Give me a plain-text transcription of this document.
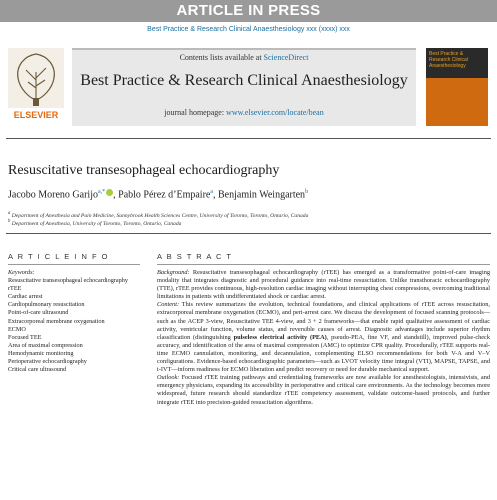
ARTICLE IN PRESS
Best Practice & Research Clinical Anaesthesiology xxx (xxxx) xxx
ELSEVIER
Contents lists available at ScienceDirect
Best Practice & Research Clinical Anaesthesiology
journal homepage: www.elsevier.com/locate/bean
Best Practice & Research Clinical Anaesthesiology
Resuscitative transesophageal echocardiography
Jacobo Moreno Garijo$^{a,*}$ , Pablo Pérez d’Empaire$^a$, Benjamin Weingarten$^b$
$^a$ Department of Anesthesia and Pain Medicine, Sunnybrook Health Sciences Centre, University of Toronto, Toronto, Ontario, Canada
$^b$ Department of Anesthesia, University of Toronto, Toronto, Ontario, Canada
A R T I C L E I N F O	A B S T R A C T
Keywords:
Resuscitative transesophageal echocardiography
rTEE
Cardiac arrest
Cardiopulmonary resuscitation
Point-of-care ultrasound
Extracorporeal membrane oxygenation
ECMO
Focused TEE
Area of maximal compression
Hemodynamic monitoring
Perioperative echocardiography
Critical care ultrasound

Background: Resuscitative transesophageal echocardiography (rTEE) has emerged as a transformative point-of-care imaging modality that integrates diagnostic and procedural guidance into real-time resuscitation. Unlike transthoracic echocardiography (TTE), rTEE provides continuous, high-resolution cardiac imaging without interrupting chest compressions, overcoming traditional limitations in patients with undifferentiated shock or cardiac arrest.

Content: This review summarizes the evolution, technical foundations, and clinical applications of rTEE across resuscitation, extracorporeal membrane oxygenation (ECMO), and peri-arrest care. We discuss the development of focused scanning protocols—such as the ACEP 3-view, Resuscitative TEE 4-view, and 3 + 2 frameworks—that enable rapid qualitative assessment of cardiac activity, ventricular function, volume status, and reversible causes of arrest. Diagnostic advantages include superior rhythm classification (distinguishing pulseless electrical activity (PEA), pseudo-PEA, fine VF, and standstill), improved pulse-check accuracy, and identification of the area of maximal compression (AMC) to optimize CPR quality. Procedurally, rTEE supports real-time ECMO cannulation, monitoring, and decannulation, complementing ELSO recommendations for both V-A and V–V configurations. Evidence-based echocardiographic parameters—such as LVOT velocity time integral (VTI), MAPSE, TAPSE, and t-IVT—inform readiness for ECMO liberation and predict recovery or need for durable mechanical support.

Outlook: Focused rTEE training pathways and credentialing frameworks are now available for anesthesiologists, intensivists, and emergency physicians, expanding its accessibility in perioperative and critical care environments. As the technology becomes more widespread, future research should standardize rTEE competency assessment, validate outcome-based protocols, and further integrate rTEE into precision-guided resuscitation algorithms.
